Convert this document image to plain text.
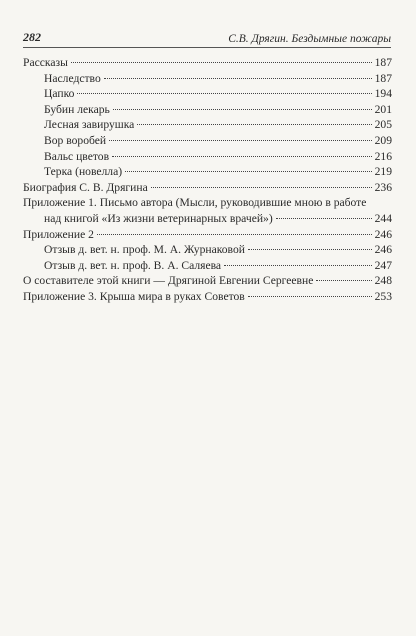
282	С.В. Дрягин. Бездымные пожары
Рассказы	187
Наследство	187
Цапко	194
Бубин лекарь	201
Лесная завирушка	205
Вор воробей	209
Вальс цветов	216
Терка (новелла)	219
Биография С. В. Дрягина	236
Приложение 1. Письмо автора (Мысли, руководившие мною в работе
над книгой «Из жизни ветеринарных врачей»)	244
Приложение 2	246
Отзыв д. вет. н. проф. М. А. Журнаковой	246
Отзыв д. вет. н. проф. В. А. Саляева	247
О составителе этой книги — Дрягиной Евгении Сергеевне	248
Приложение 3. Крыша мира в руках Советов	253
